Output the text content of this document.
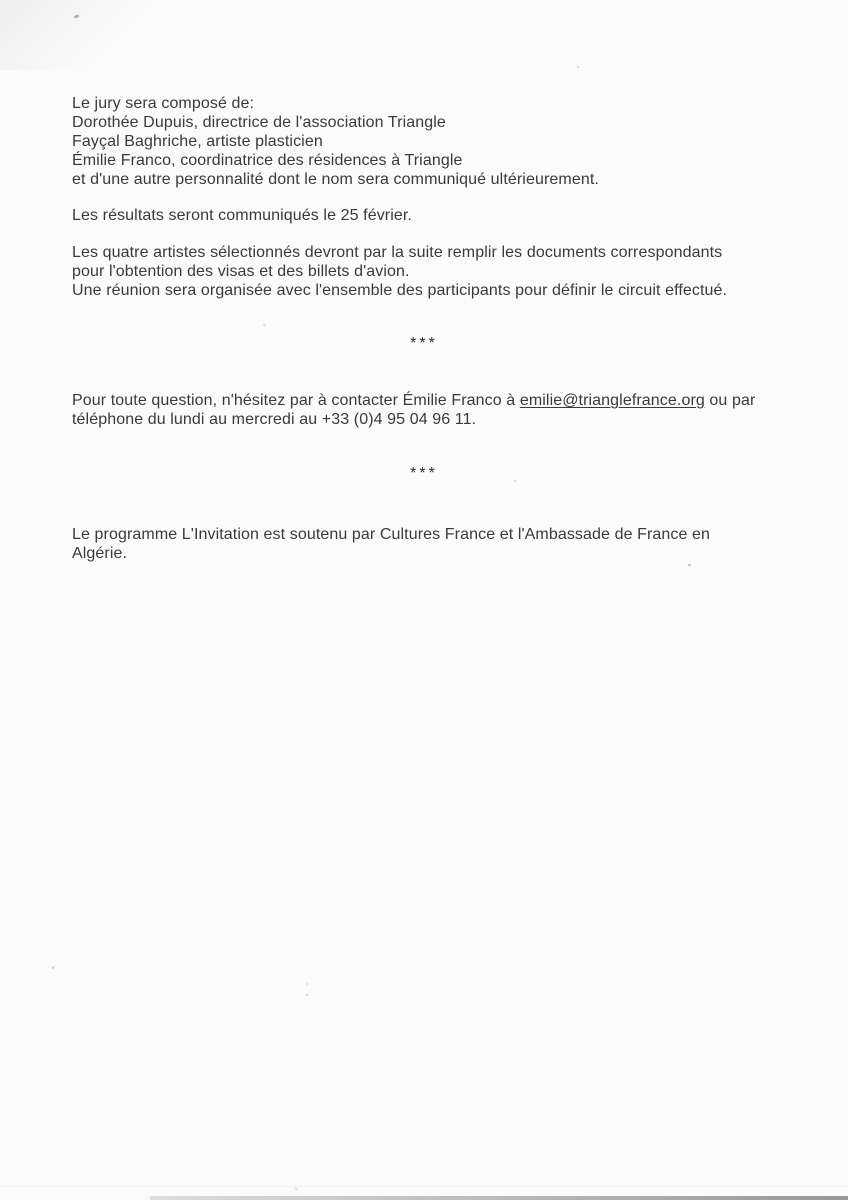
Le jury sera composé de:
Dorothée Dupuis, directrice de l'association Triangle
Fayçal Baghriche, artiste plasticien
Émilie Franco, coordinatrice des résidences à Triangle
et d'une autre personnalité dont le nom sera communiqué ultérieurement.
Les résultats seront communiqués le 25 février.
Les quatre artistes sélectionnés devront par la suite remplir les documents correspondants
pour l'obtention des visas et des billets d'avion.
Une réunion sera organisée avec l'ensemble des participants pour définir le circuit effectué.
***
Pour toute question, n'hésitez par à contacter Émilie Franco à emilie@trianglefrance.org ou par
téléphone du lundi au mercredi au +33 (0)4 95 04 96 11.
***
Le programme L'Invitation est soutenu par Cultures France et l'Ambassade de France en
Algérie.
